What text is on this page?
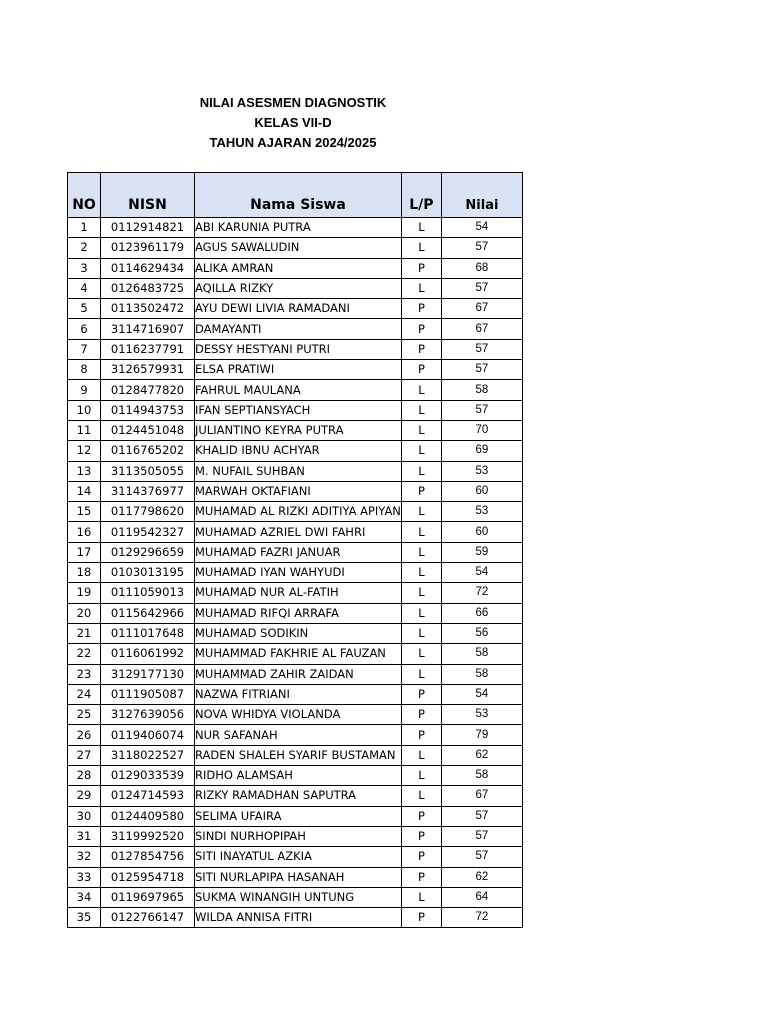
NILAI ASESMEN DIAGNOSTIK
KELAS VII-D
TAHUN AJARAN 2024/2025
NO	NISN	Nama Siswa	L/P	Nilai
1	0112914821	ABI KARUNIA PUTRA	L	54
2	0123961179	AGUS SAWALUDIN	L	57
3	0114629434	ALIKA AMRAN	P	68
4	0126483725	AQILLA RIZKY	L	57
5	0113502472	AYU DEWI LIVIA RAMADANI	P	67
6	3114716907	DAMAYANTI	P	67
7	0116237791	DESSY HESTYANI PUTRI	P	57
8	3126579931	ELSA PRATIWI	P	57
9	0128477820	FAHRUL MAULANA	L	58
10	0114943753	IFAN SEPTIANSYACH	L	57
11	0124451048	JULIANTINO KEYRA PUTRA	L	70
12	0116765202	KHALID IBNU ACHYAR	L	69
13	3113505055	M. NUFAIL SUHBAN	L	53
14	3114376977	MARWAH OKTAFIANI	P	60
15	0117798620	MUHAMAD AL RIZKI ADITIYA APIYAN	L	53
16	0119542327	MUHAMAD AZRIEL DWI FAHRI	L	60
17	0129296659	MUHAMAD FAZRI JANUAR	L	59
18	0103013195	MUHAMAD IYAN WAHYUDI	L	54
19	0111059013	MUHAMAD NUR AL-FATIH	L	72
20	0115642966	MUHAMAD RIFQI ARRAFA	L	66
21	0111017648	MUHAMAD SODIKIN	L	56
22	0116061992	MUHAMMAD FAKHRIE AL FAUZAN	L	58
23	3129177130	MUHAMMAD ZAHIR ZAIDAN	L	58
24	0111905087	NAZWA FITRIANI	P	54
25	3127639056	NOVA WHIDYA VIOLANDA	P	53
26	0119406074	NUR SAFANAH	P	79
27	3118022527	RADEN SHALEH SYARIF BUSTAMAN	L	62
28	0129033539	RIDHO ALAMSAH	L	58
29	0124714593	RIZKY RAMADHAN SAPUTRA	L	67
30	0124409580	SELIMA UFAIRA	P	57
31	3119992520	SINDI NURHOPIPAH	P	57
32	0127854756	SITI INAYATUL AZKIA	P	57
33	0125954718	SITI NURLAPIPA HASANAH	P	62
34	0119697965	SUKMA WINANGIH UNTUNG	L	64
35	0122766147	WILDA ANNISA FITRI	P	72
